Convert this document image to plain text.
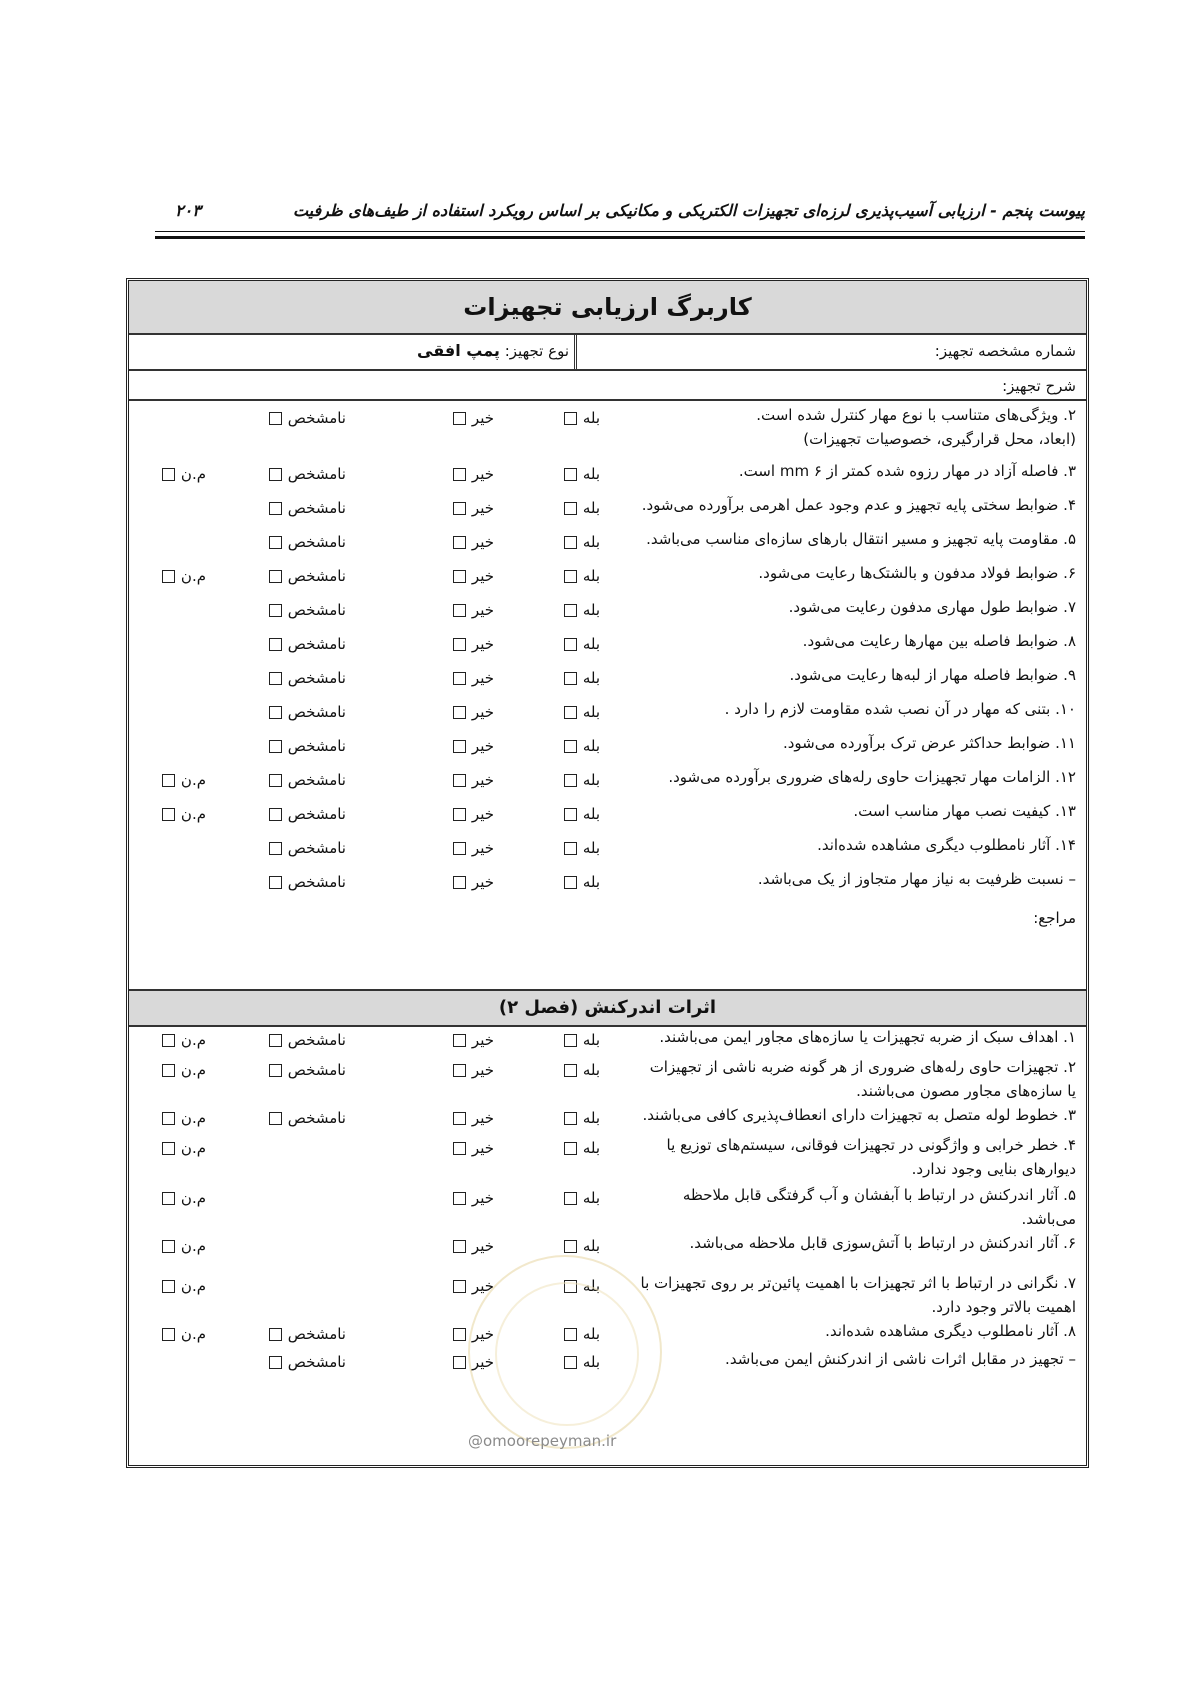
پیوست پنجم - ارزیابی آسیب‌پذیری لرزه‌ای تجهیزات الکتریکی و مکانیکی بر اساس رویکرد استفاده از طیف‌های ظرفیت
۲۰۳
کاربرگ ارزیابی تجهیزات
شماره مشخصه تجهیز:
نوع تجهیز: پمپ افقی
شرح تجهیز:
۲. ویژگی‌های متناسب با نوع مهار کنترل شده است.
(ابعاد، محل قرارگیری، خصوصیات تجهیزات)
بله
خیر
نامشخص
۳. فاصله آزاد در مهار رزوه شده کمتر از ۶ mm است.
بله
خیر
نامشخص
م.ن
۴. ضوابط سختی پایه تجهیز و عدم وجود عمل اهرمی برآورده می‌شود.
بله
خیر
نامشخص
۵. مقاومت پایه تجهیز و مسیر انتقال بارهای سازه‌ای مناسب می‌باشد.
بله
خیر
نامشخص
۶. ضوابط فولاد مدفون و بالشتک‌ها رعایت می‌شود.
بله
خیر
نامشخص
م.ن
۷. ضوابط طول مهاری مدفون رعایت می‌شود.
بله
خیر
نامشخص
۸. ضوابط فاصله بین مهارها رعایت می‌شود.
بله
خیر
نامشخص
۹. ضوابط فاصله مهار از لبه‌ها رعایت می‌شود.
بله
خیر
نامشخص
۱۰. بتنی که مهار در آن نصب شده مقاومت لازم را دارد .
بله
خیر
نامشخص
۱۱. ضوابط حداکثر عرض ترک برآورده می‌شود.
بله
خیر
نامشخص
۱۲. الزامات مهار تجهیزات حاوی رله‌های ضروری برآورده می‌شود.
بله
خیر
نامشخص
م.ن
۱۳. کیفیت نصب مهار مناسب است.
بله
خیر
نامشخص
م.ن
۱۴. آثار نامطلوب دیگری مشاهده شده‌اند.
بله
خیر
نامشخص
– نسبت ظرفیت به نیاز مهار متجاوز از یک می‌باشد.
بله
خیر
نامشخص
مراجع:
اثرات اندرکنش (فصل ۲)
۱. اهداف سبک از ضربه تجهیزات یا سازه‌های مجاور ایمن می‌باشند.
بله
خیر
نامشخص
م.ن
۲. تجهیزات حاوی رله‌های ضروری از هر گونه ضربه ناشی از تجهیزات
یا سازه‌های مجاور مصون می‌باشند.
بله
خیر
نامشخص
م.ن
۳. خطوط لوله متصل به تجهیزات دارای انعطاف‌پذیری کافی می‌باشند.
بله
خیر
نامشخص
م.ن
۴. خطر خرابی و واژگونی در تجهیزات فوقانی، سیستم‌های توزیع یا
دیوارهای بنایی وجود ندارد.
بله
خیر
م.ن
۵. آثار اندرکنش در ارتباط با آبفشان و آب گرفتگی قابل ملاحظه
می‌باشد.
بله
خیر
م.ن
۶. آثار اندرکنش در ارتباط با آتش‌سوزی قابل ملاحظه می‌باشد.
بله
خیر
م.ن
۷. نگرانی در ارتباط با اثر تجهیزات با اهمیت پائین‌تر بر روی تجهیزات با
اهمیت بالاتر وجود دارد.
بله
خیر
م.ن
۸. آثار نامطلوب دیگری مشاهده شده‌اند.
بله
خیر
نامشخص
م.ن
– تجهیز در مقابل اثرات ناشی از اندرکنش ایمن می‌باشد.
بله
خیر
نامشخص
@omoorepeyman.ir
